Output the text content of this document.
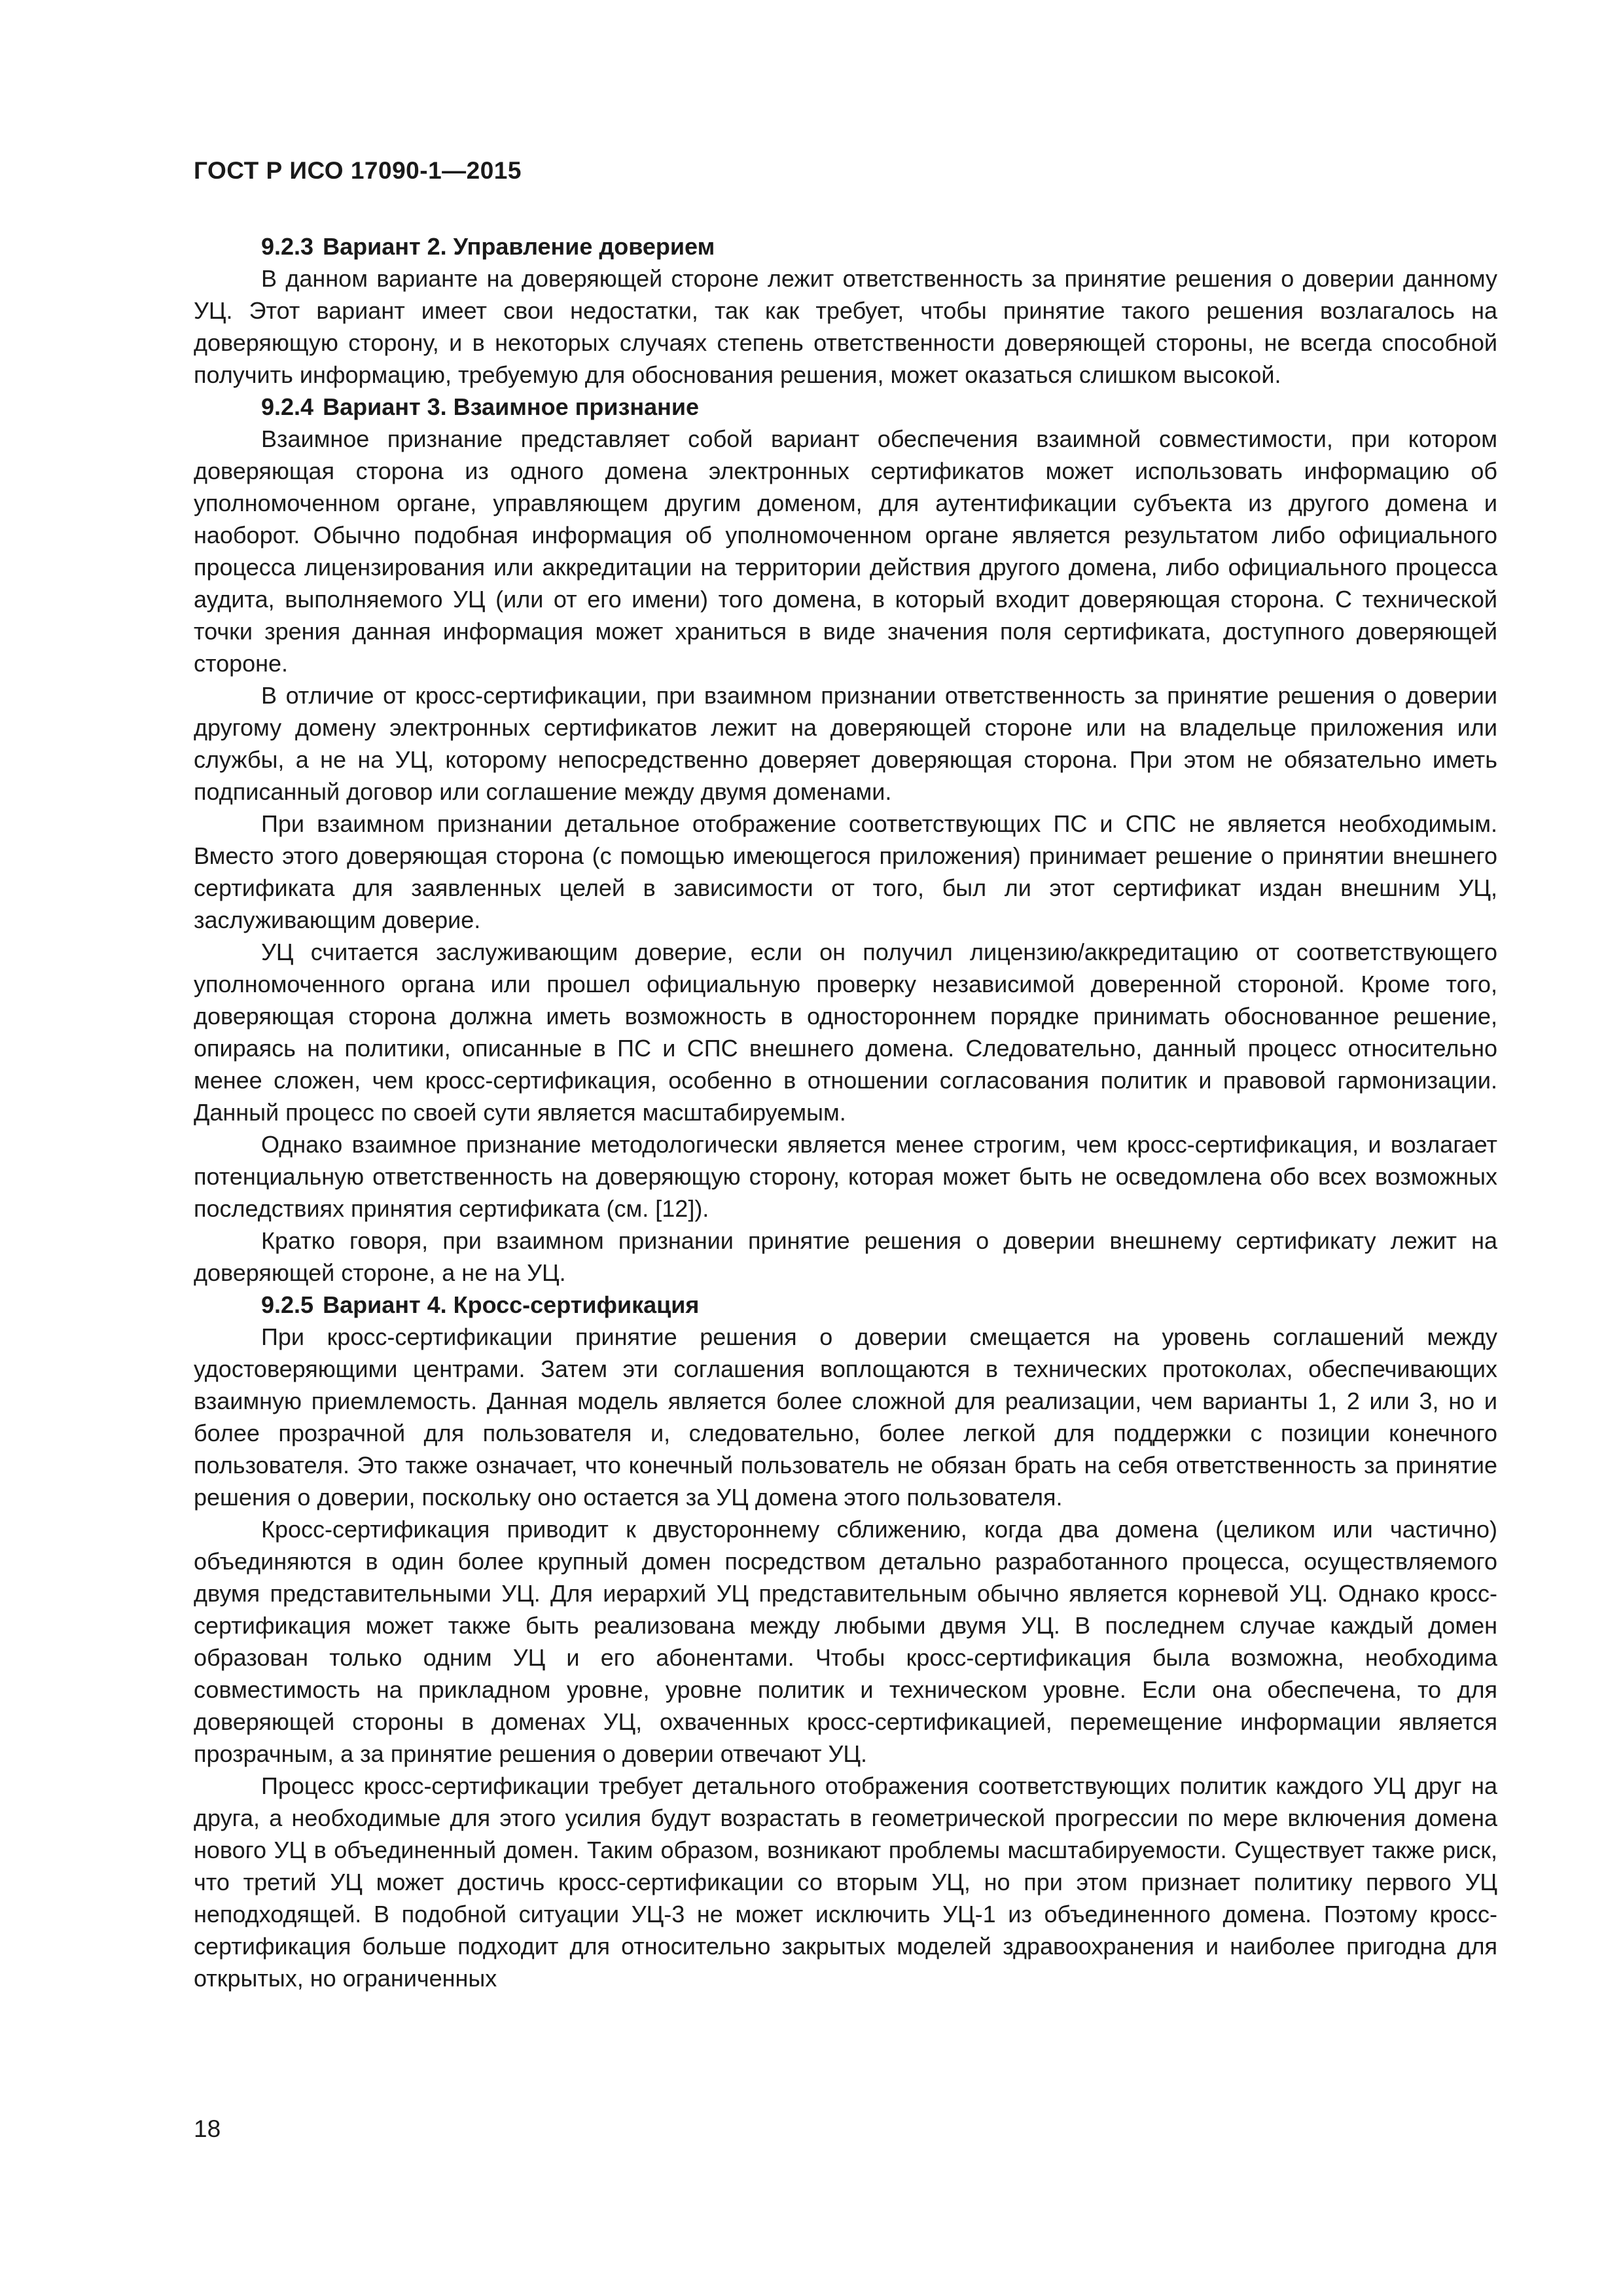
ГОСТ Р ИСО 17090-1—2015
9.2.3 Вариант 2. Управление доверием

В данном варианте на доверяющей стороне лежит ответственность за принятие решения о доверии данному УЦ. Этот вариант имеет свои недостатки, так как требует, чтобы принятие такого решения возлагалось на доверяющую сторону, и в некоторых случаях степень ответственности доверяющей стороны, не всегда способной получить информацию, требуемую для обоснования решения, может оказаться слишком высокой.

9.2.4 Вариант 3. Взаимное признание

Взаимное признание представляет собой вариант обеспечения взаимной совместимости, при котором доверяющая сторона из одного домена электронных сертификатов может использовать информацию об уполномоченном органе, управляющем другим доменом, для аутентификации субъекта из другого домена и наоборот. Обычно подобная информация об уполномоченном органе является результатом либо официального процесса лицензирования или аккредитации на территории действия другого домена, либо официального процесса аудита, выполняемого УЦ (или от его имени) того домена, в который входит доверяющая сторона. С технической точки зрения данная информация может храниться в виде значения поля сертификата, доступного доверяющей стороне.

В отличие от кросс-сертификации, при взаимном признании ответственность за принятие решения о доверии другому домену электронных сертификатов лежит на доверяющей стороне или на владельце приложения или службы, а не на УЦ, которому непосредственно доверяет доверяющая сторона. При этом не обязательно иметь подписанный договор или соглашение между двумя доменами.

При взаимном признании детальное отображение соответствующих ПС и СПС не является необходимым. Вместо этого доверяющая сторона (с помощью имеющегося приложения) принимает решение о принятии внешнего сертификата для заявленных целей в зависимости от того, был ли этот сертификат издан внешним УЦ, заслуживающим доверие.

УЦ считается заслуживающим доверие, если он получил лицензию/аккредитацию от соответствующего уполномоченного органа или прошел официальную проверку независимой доверенной стороной. Кроме того, доверяющая сторона должна иметь возможность в одностороннем порядке принимать обоснованное решение, опираясь на политики, описанные в ПС и СПС внешнего домена. Следовательно, данный процесс относительно менее сложен, чем кросс-сертификация, особенно в отношении согласования политик и правовой гармонизации. Данный процесс по своей сути является масштабируемым.

Однако взаимное признание методологически является менее строгим, чем кросс-сертификация, и возлагает потенциальную ответственность на доверяющую сторону, которая может быть не осведомлена обо всех возможных последствиях принятия сертификата (см. [12]).

Кратко говоря, при взаимном признании принятие решения о доверии внешнему сертификату лежит на доверяющей стороне, а не на УЦ.

9.2.5 Вариант 4. Кросс-сертификация

При кросс-сертификации принятие решения о доверии смещается на уровень соглашений между удостоверяющими центрами. Затем эти соглашения воплощаются в технических протоколах, обеспечивающих взаимную приемлемость. Данная модель является более сложной для реализации, чем варианты 1, 2 или 3, но и более прозрачной для пользователя и, следовательно, более легкой для поддержки с позиции конечного пользователя. Это также означает, что конечный пользователь не обязан брать на себя ответственность за принятие решения о доверии, поскольку оно остается за УЦ домена этого пользователя.

Кросс-сертификация приводит к двустороннему сближению, когда два домена (целиком или частично) объединяются в один более крупный домен посредством детально разработанного процесса, осуществляемого двумя представительными УЦ. Для иерархий УЦ представительным обычно является корневой УЦ. Однако кросс-сертификация может также быть реализована между любыми двумя УЦ. В последнем случае каждый домен образован только одним УЦ и его абонентами. Чтобы кросс-сертификация была возможна, необходима совместимость на прикладном уровне, уровне политик и техническом уровне. Если она обеспечена, то для доверяющей стороны в доменах УЦ, охваченных кросс-сертификацией, перемещение информации является прозрачным, а за принятие решения о доверии отвечают УЦ.

Процесс кросс-сертификации требует детального отображения соответствующих политик каждого УЦ друг на друга, а необходимые для этого усилия будут возрастать в геометрической прогрессии по мере включения домена нового УЦ в объединенный домен. Таким образом, возникают проблемы масштабируемости. Существует также риск, что третий УЦ может достичь кросс-сертификации со вторым УЦ, но при этом признает политику первого УЦ неподходящей. В подобной ситуации УЦ-3 не может исключить УЦ-1 из объединенного домена. Поэтому кросс-сертификация больше подходит для относительно закрытых моделей здравоохранения и наиболее пригодна для открытых, но ограниченных

18
